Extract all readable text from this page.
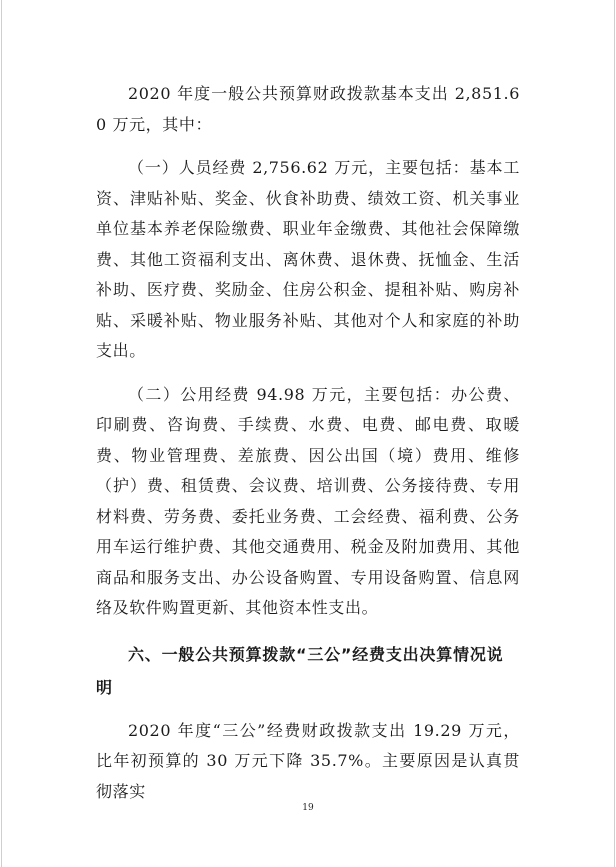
2020 年度一般公共预算财政拨款基本支出 2,851.60 万元，其中：

（一）人员经费 2,756.62 万元，主要包括：基本工资、津贴补贴、奖金、伙食补助费、绩效工资、机关事业单位基本养老保险缴费、职业年金缴费、其他社会保障缴费、其他工资福利支出、离休费、退休费、抚恤金、生活补助、医疗费、奖励金、住房公积金、提租补贴、购房补贴、采暖补贴、物业服务补贴、其他对个人和家庭的补助支出。

（二）公用经费 94.98 万元，主要包括：办公费、印刷费、咨询费、手续费、水费、电费、邮电费、取暖费、物业管理费、差旅费、因公出国（境）费用、维修（护）费、租赁费、会议费、培训费、公务接待费、专用材料费、劳务费、委托业务费、工会经费、福利费、公务用车运行维护费、其他交通费用、税金及附加费用、其他商品和服务支出、办公设备购置、专用设备购置、信息网络及软件购置更新、其他资本性支出。

六、一般公共预算拨款“三公”经费支出决算情况说明

2020 年度“三公”经费财政拨款支出 19.29 万元，比年初预算的 30 万元下降 35.7%。主要原因是认真贯彻落实

19
